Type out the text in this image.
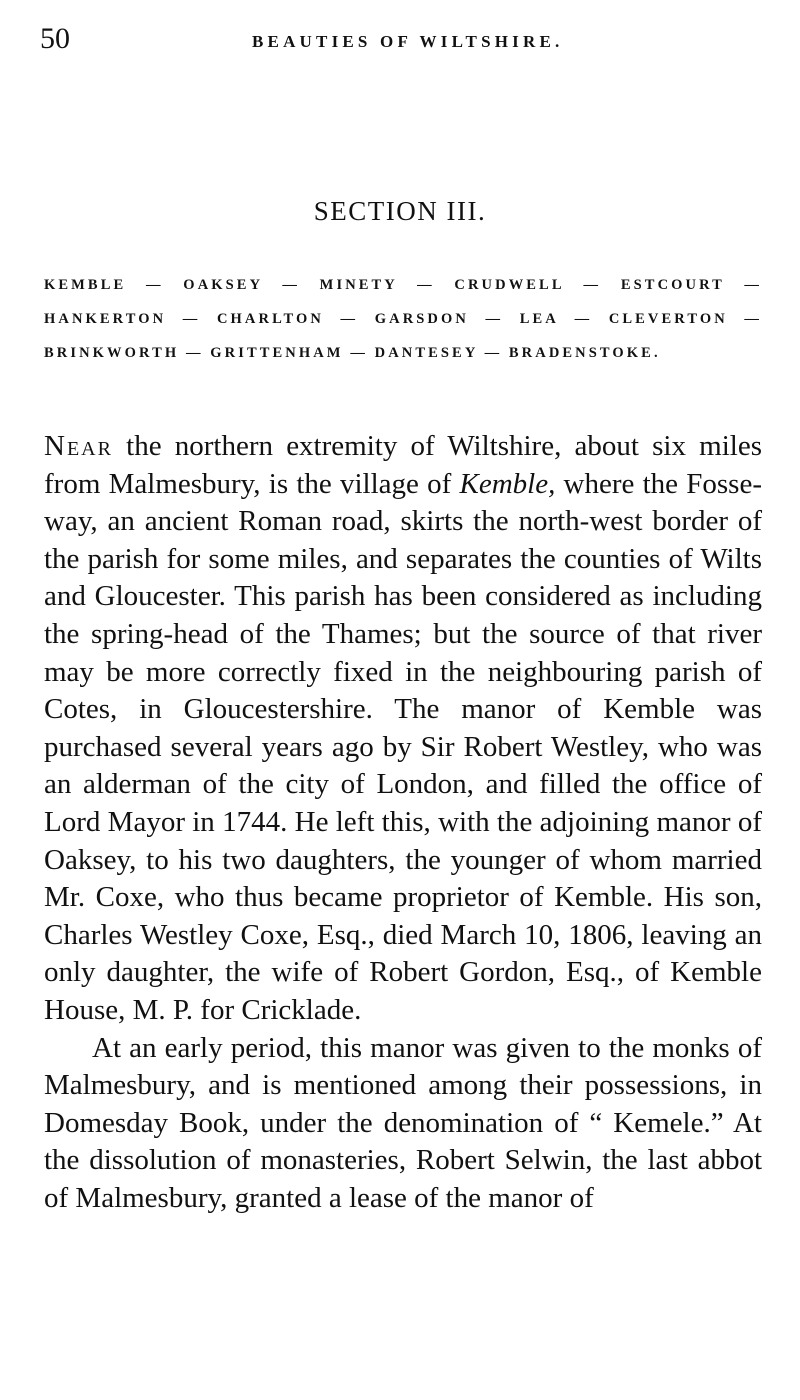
50	BEAUTIES OF WILTSHIRE.
SECTION III.
KEMBLE — OAKSEY — MINETY — CRUDWELL — ESTCOURT — HANKERTON — CHARLTON — GARSDON — LEA — CLEVERTON — BRINKWORTH — GRITTENHAM — DANTESEY — BRADENSTOKE.

Near the northern extremity of Wiltshire, about six miles from Malmesbury, is the village of Kemble, where the Fosse-way, an ancient Roman road, skirts the north-west border of the parish for some miles, and separates the counties of Wilts and Gloucester. This parish has been considered as including the spring-head of the Thames; but the source of that river may be more correctly fixed in the neighbouring parish of Cotes, in Gloucestershire. The manor of Kemble was purchased several years ago by Sir Robert Westley, who was an alderman of the city of London, and filled the office of Lord Mayor in 1744. He left this, with the adjoining manor of Oaksey, to his two daughters, the younger of whom married Mr. Coxe, who thus became proprietor of Kemble. His son, Charles Westley Coxe, Esq., died March 10, 1806, leaving an only daughter, the wife of Robert Gordon, Esq., of Kemble House, M. P. for Cricklade.

At an early period, this manor was given to the monks of Malmesbury, and is mentioned among their possessions, in Domesday Book, under the denomination of “ Kemele.” At the dissolution of monasteries, Robert Selwin, the last abbot of Malmesbury, granted a lease of the manor of
